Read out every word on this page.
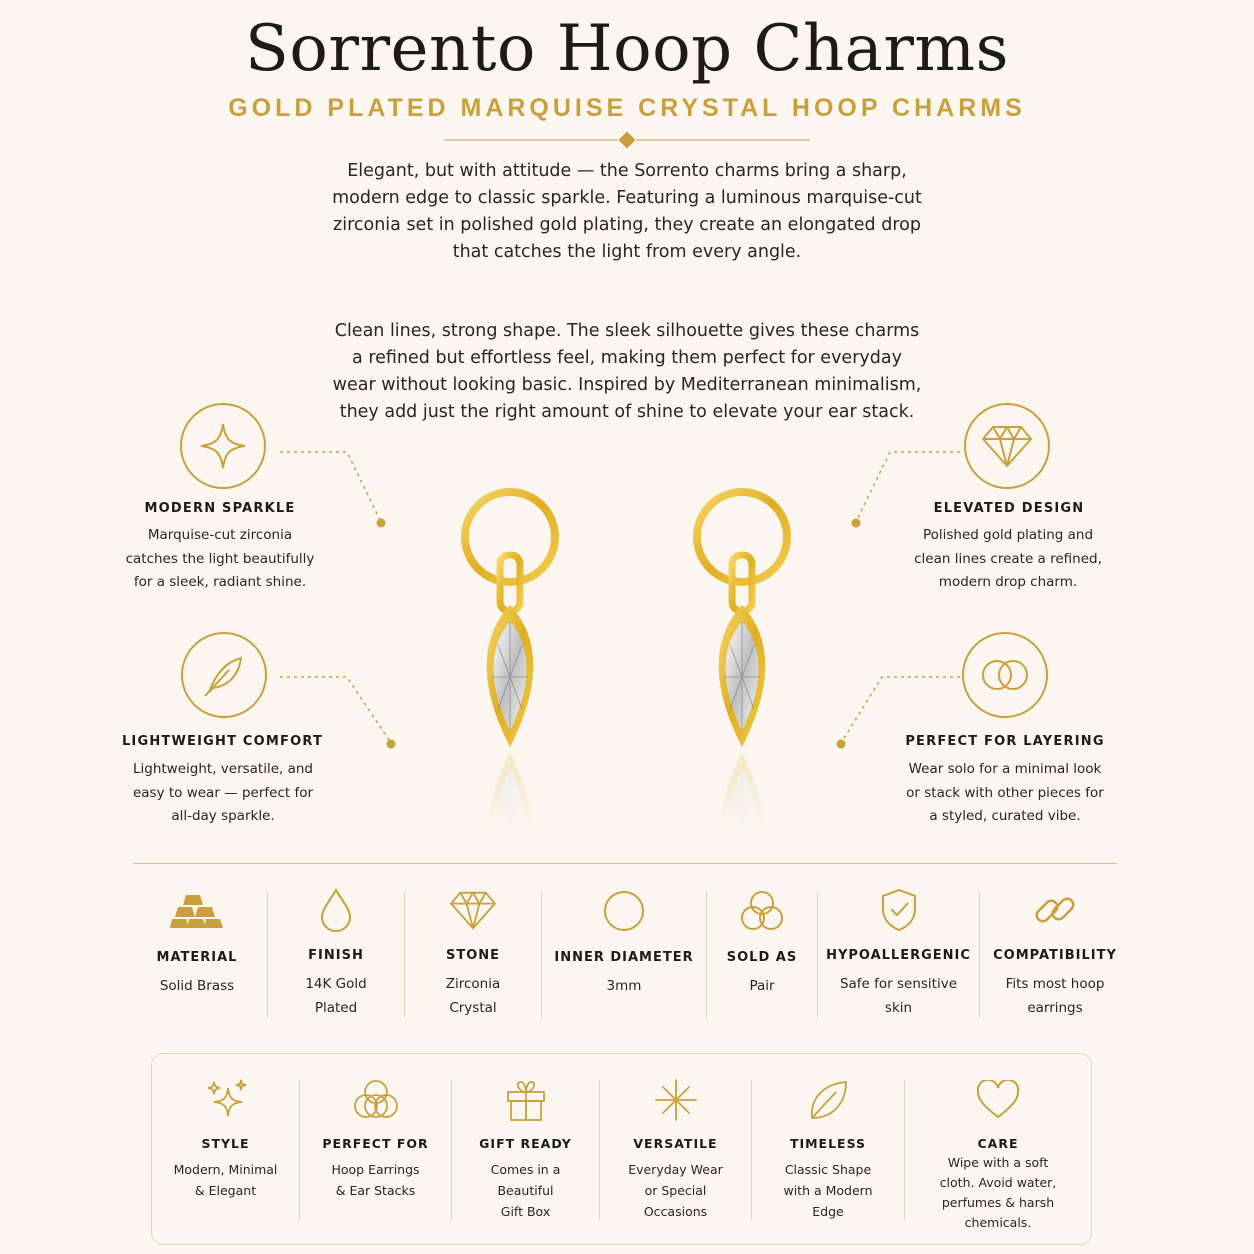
Sorrento Hoop Charms
GOLD PLATED MARQUISE CRYSTAL HOOP CHARMS

Elegant, but with attitude — the Sorrento charms bring a sharp, modern edge to classic sparkle. Featuring a luminous marquise-cut zirconia set in polished gold plating, they create an elongated drop that catches the light from every angle.

Clean lines, strong shape. The sleek silhouette gives these charms a refined but effortless feel, making them perfect for everyday wear without looking basic. Inspired by Mediterranean minimalism, they add just the right amount of shine to elevate your ear stack.

MODERN SPARKLE
Marquise-cut zirconia catches the light beautifully for a sleek, radiant shine.
LIGHTWEIGHT COMFORT
Lightweight, versatile, and easy to wear — perfect for all-day sparkle.
ELEVATED DESIGN
Polished gold plating and clean lines create a refined, modern drop charm.
PERFECT FOR LAYERING
Wear solo for a minimal look or stack with other pieces for a styled, curated vibe.
MATERIAL
Solid Brass
FINISH
14K Gold Plated
STONE
Zirconia Crystal
INNER DIAMETER
3mm
SOLD AS
Pair
HYPOALLERGENIC
Safe for sensitive skin
COMPATIBILITY
Fits most hoop earrings
STYLE
Modern, Minimal & Elegant
PERFECT FOR
Hoop Earrings & Ear Stacks
GIFT READY
Comes in a Beautiful Gift Box
VERSATILE
Everyday Wear or Special Occasions
TIMELESS
Classic Shape with a Modern Edge
CARE
Wipe with a soft cloth. Avoid water, perfumes & harsh chemicals.
